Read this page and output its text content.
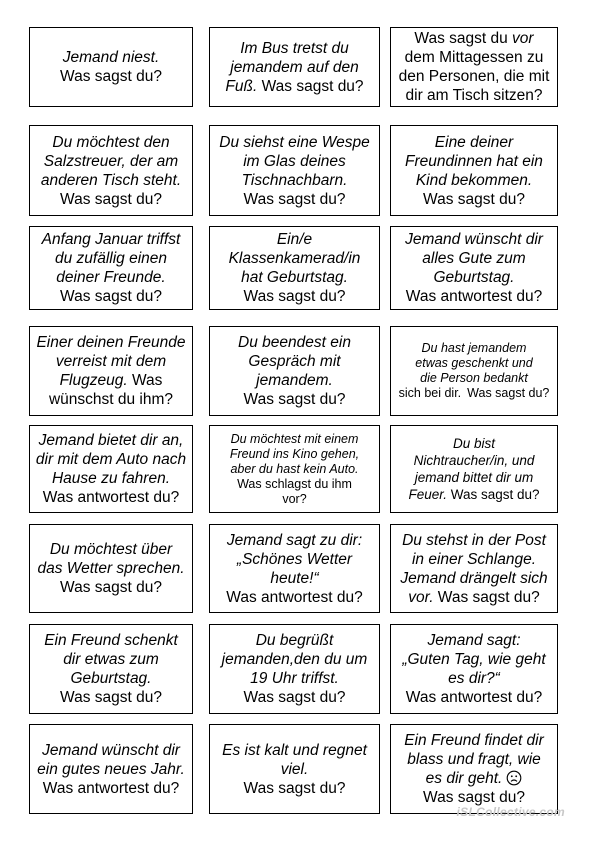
Jemand niest.
Was sagst du?
Im Bus tretst du
jemandem auf den
Fuß. Was sagst du?
Was sagst du vor
dem Mittagessen zu
den Personen, die mit
dir am Tisch sitzen?
Du möchtest den
Salzstreuer, der am
anderen Tisch steht.
Was sagst du?
Du siehst eine Wespe
im Glas deines
Tischnachbarn.
Was sagst du?
Eine deiner
Freundinnen hat ein
Kind bekommen.
Was sagst du?
Anfang Januar triffst
du zufällig einen
deiner Freunde.
Was sagst du?
Ein/e
Klassenkamerad/in
hat Geburtstag.
Was sagst du?
Jemand wünscht dir
alles Gute zum
Geburtstag.
Was antwortest du?
Einer deinen Freunde
verreist mit dem
Flugzeug. Was
wünschst du ihm?
Du beendest ein
Gespräch mit
jemandem.
Was sagst du?
Du hast jemandem
etwas geschenkt und
die Person bedankt
sich bei dir. Was sagst du?
Jemand bietet dir an,
dir mit dem Auto nach
Hause zu fahren.
Was antwortest du?
Du möchtest mit einem
Freund ins Kino gehen,
aber du hast kein Auto.
Was schlagst du ihm
vor?
Du bist
Nichtraucher/in, und
jemand bittet dir um
Feuer. Was sagst du?
Du möchtest über
das Wetter sprechen.
Was sagst du?
Jemand sagt zu dir:
„Schönes Wetter
heute!“
Was antwortest du?
Du stehst in der Post
in einer Schlange.
Jemand drängelt sich
vor. Was sagst du?
Ein Freund schenkt
dir etwas zum
Geburtstag.
Was sagst du?
Du begrüßt
jemanden,den du um
19 Uhr triffst.
Was sagst du?
Jemand sagt:
„Guten Tag, wie geht
es dir?“
Was antwortest du?
Jemand wünscht dir
ein gutes neues Jahr.
Was antwortest du?
Es ist kalt und regnet
viel.
Was sagst du?
Ein Freund findet dir
blass und fragt, wie
es dir geht.
Was sagst du?
iSLCollective.com
